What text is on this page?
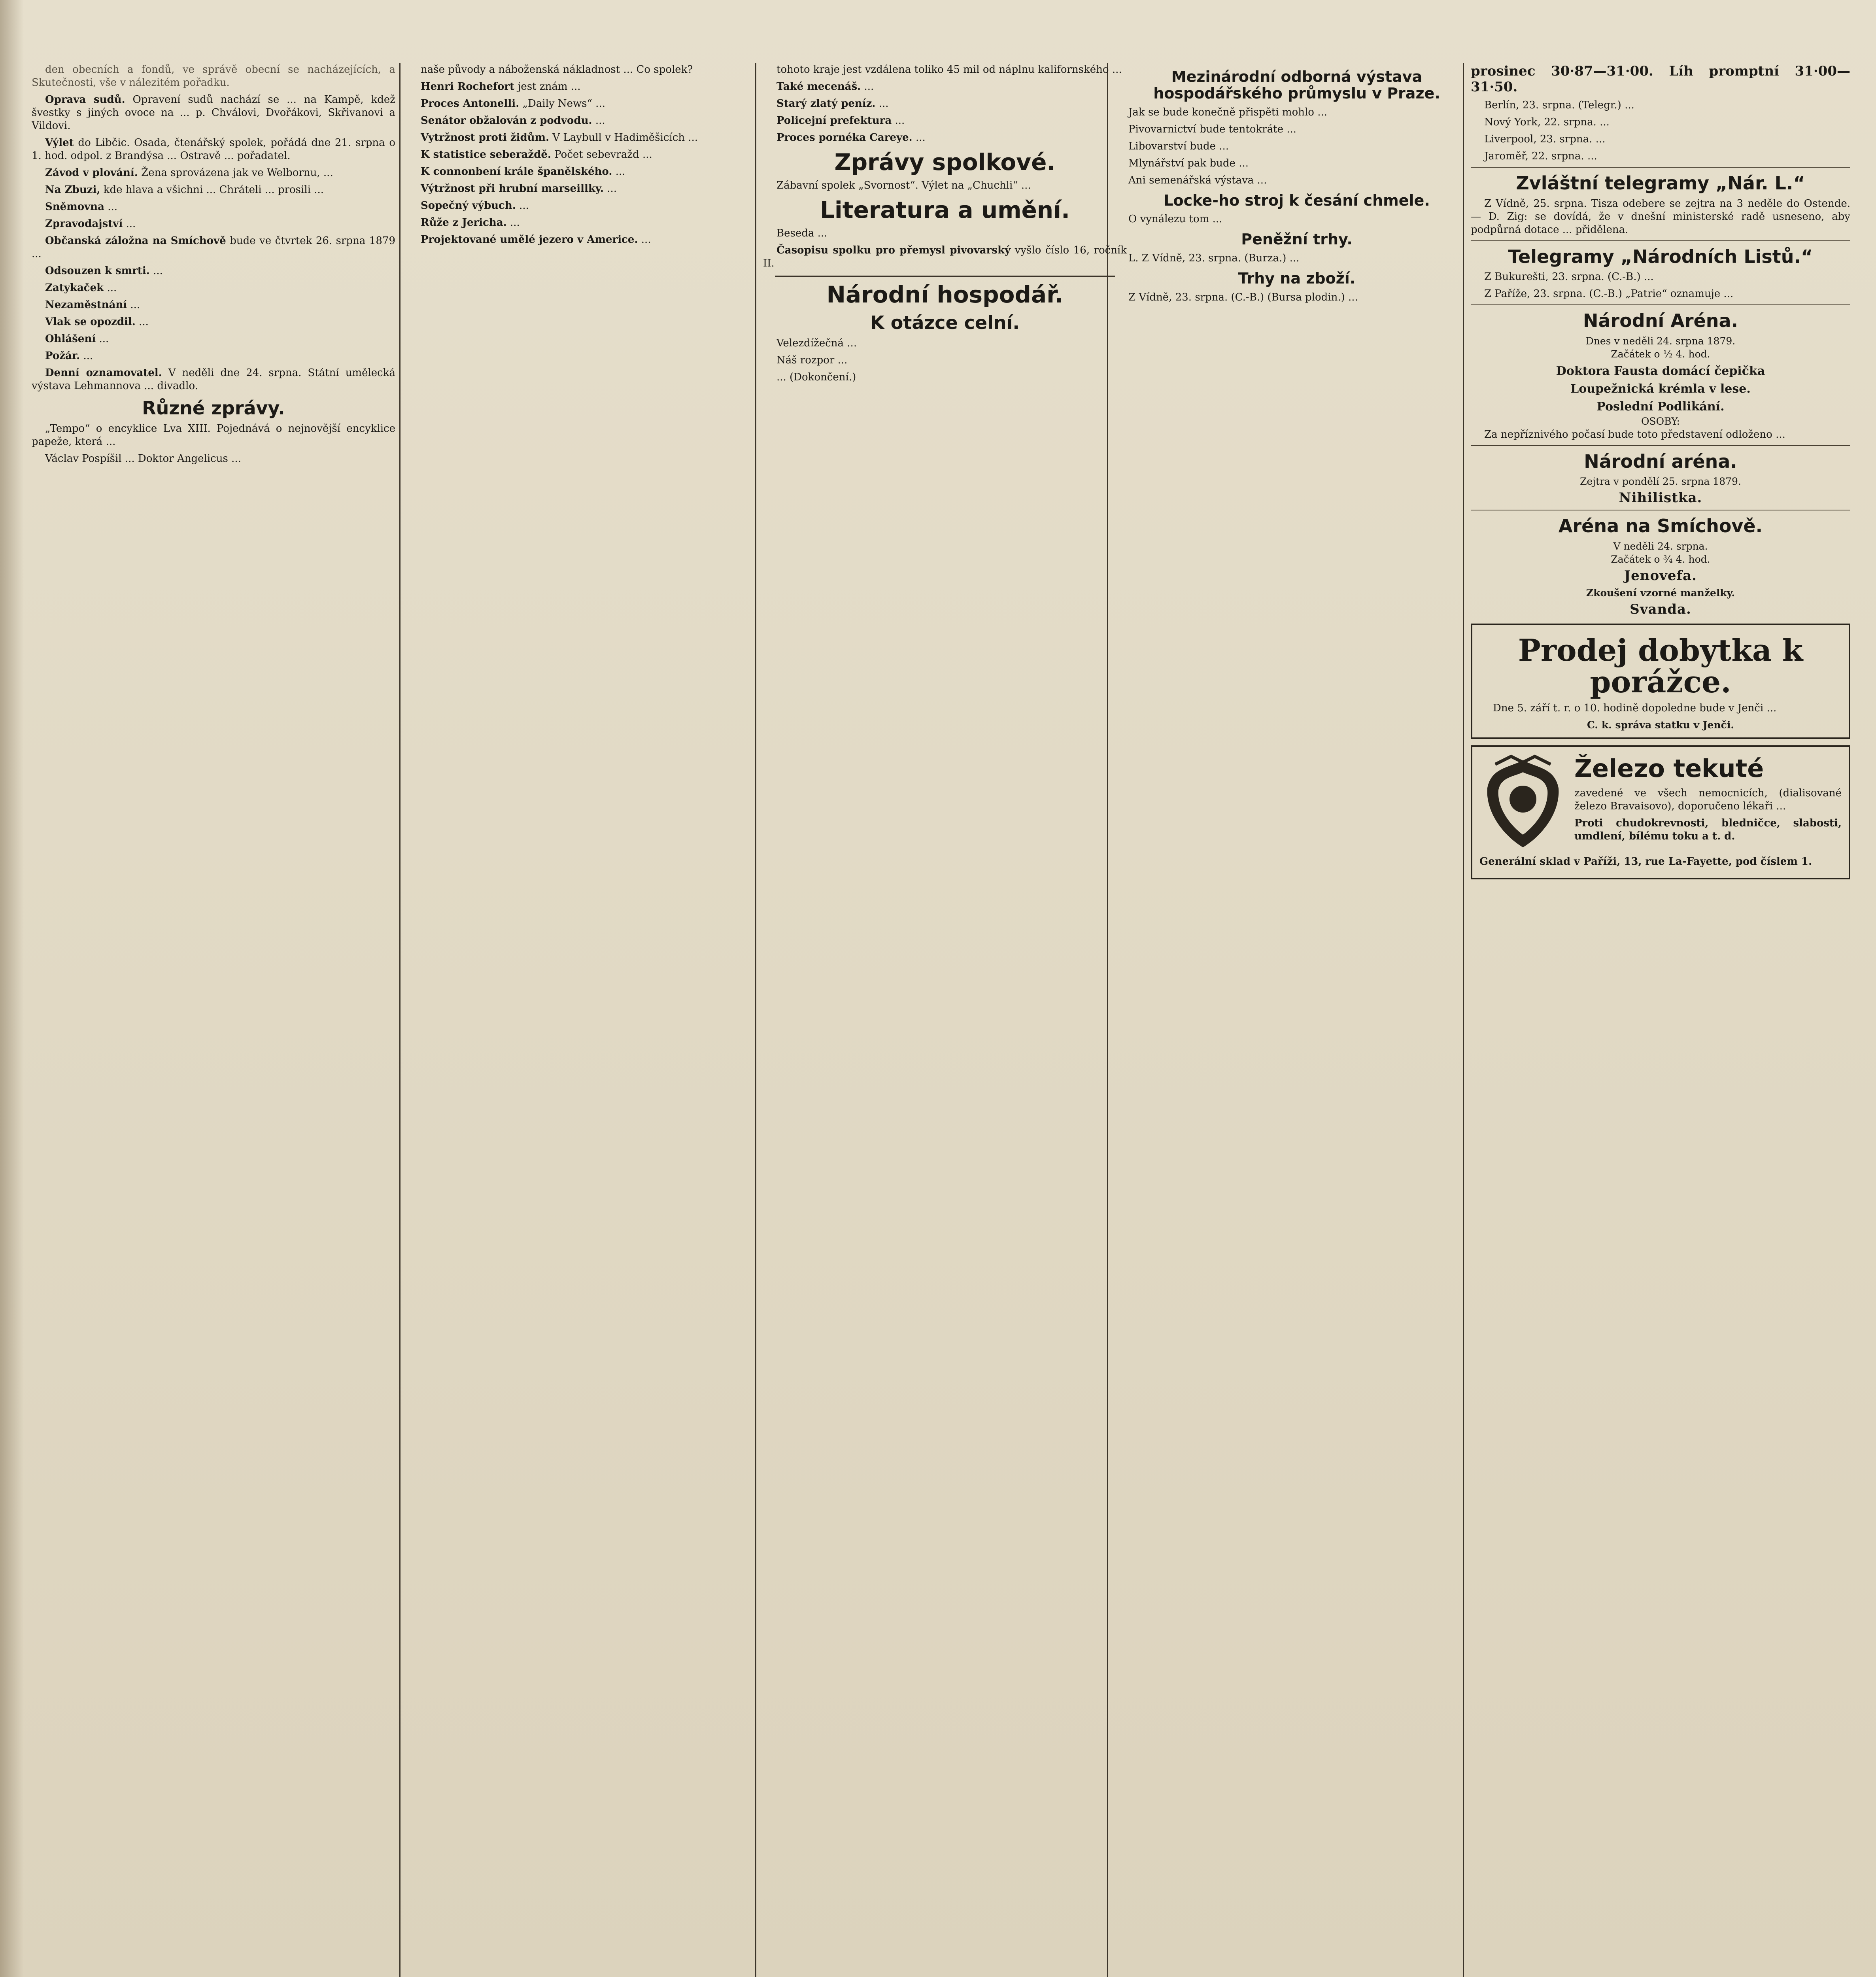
den obecních a fondů, ve správě obecní se nacházejících, a Skutečnosti, vše v nálezitém pořadku.

Oprava sudů. Opravení sudů nachází se ... na Kampě, kdež švestky s jiných ovoce na ... p. Chválovi, Dvořákovi, Skřivanovi a Vildovi.

Výlet do Libčic. Osada, čtenářský spolek, pořádá dne 21. srpna o 1. hod. odpol. z Brandýsa ... Ostravě ... pořadatel.

Závod v plování. Žena sprovázena jak ve Welbornu, ...

Na Zbuzi, kde hlava a všichni ... Chráteli ... prosili ...

Sněmovna ...

Zpravodajství ...

Občanská záložna na Smíchově bude ve čtvrtek 26. srpna 1879 ...

Odsouzen k smrti. ...

Zatykaček ...

Nezaměstnání ...

Vlak se opozdil. ...

Ohlášení ...

Požár. ...

Denní oznamovatel. V neděli dne 24. srpna. Státní umělecká výstava Lehmannova ... divadlo.

Různé zprávy.

„Tempo“ o encyklice Lva XIII. Pojednává o nejnovější encyklice papeže, která ...

Václav Pospíšil ... Doktor Angelicus ...

naše původy a náboženská nákladnost ... Co spolek?

Henri Rochefort jest znám ...

Proces Antonelli. „Daily News“ ...

Senátor obžalován z podvodu. ...

Vytržnost proti židům. V Laybull v Hadiměšicích ...

K statistice seberaždě. Počet sebevražd ...

K connonbení krále španělského. ...

Výtržnost při hrubní marseillky. ...

Sopečný výbuch. ...

Růže z Jericha. ...

Projektované umělé jezero v Americe. ...

tohoto kraje jest vzdálena toliko 45 mil od náplnu kalifornského ...

Také mecenáš. ...

Starý zlatý peníz. ...

Policejní prefektura ...

Proces pornéka Careye. ...

Zprávy spolkové.

Zábavní spolek „Svornost“. Výlet na „Chuchli“ ...

Literatura a umění.

Beseda ...

Časopisu spolku pro přemysl pivovarský vyšlo číslo 16, ročník II.

Národní hospodář.
K otázce celní.

Velezdížečná ...

Náš rozpor ...

... (Dokončení.)

Mezinárodní odborná výstava hospodářského průmyslu v Praze.

Jak se bude konečně přispěti mohlo ...

Pivovarnictví bude tentokráte ...

Libovarství bude ...

Mlynářství pak bude ...

Ani semenářská výstava ...

Locke-ho stroj k česání chmele.

O vynálezu tom ...

Peněžní trhy.

L. Z Vídně, 23. srpna. (Burza.) ...

Trhy na zboží.

Z Vídně, 23. srpna. (C.-B.) (Bursa plodin.) ...

prosinec 30·87—31·00. Líh promptní 31·00—31·50.

Berlín, 23. srpna. (Telegr.) ...

Nový York, 22. srpna. ...

Liverpool, 23. srpna. ...

Jaroměř, 22. srpna. ...

Zvláštní telegramy „Nár. L.“

Z Vídně, 25. srpna. Tisza odebere se zejtra na 3 neděle do Ostende. — D. Zig: se dovídá, že v dnešní ministerské radě usneseno, aby podpůrná dotace ... přidělena.

Telegramy „Národních Listů.“

Z Bukurešti, 23. srpna. (C.-B.) ...

Z Paříže, 23. srpna. (C.-B.) „Patrie“ oznamuje ...

Národní Aréna.
Dnes v neděli 24. srpna 1879.
Začátek o ½ 4. hod.
Doktora Fausta domácí čepička
Loupežnická krémla v lese.
Poslední Podlikání.
OSOBY:

Za nepříznivého počasí bude toto představení odloženo ...

Národní aréna.
Zejtra v pondělí 25. srpna 1879.
Nihilistka.
Aréna na Smíchově.
V neděli 24. srpna.
Začátek o ¾ 4. hod.
Jenovefa.
Zkoušení vzorné manželky.
Svanda.
Prodej dobytka k porážce.

Dne 5. září t. r. o 10. hodině dopoledne bude v Jenči ...

C. k. správa statku v Jenči.
Železo tekuté

zavedené ve všech nemocnicích, (dialisované železo Bravaisovo), doporučeno lékaři ...

Proti chudokrevnosti, bledničce, slabosti, umdlení, bílému toku a t. d.

Generální sklad v Paříži, 13, rue La-Fayette, pod číslem 1.
